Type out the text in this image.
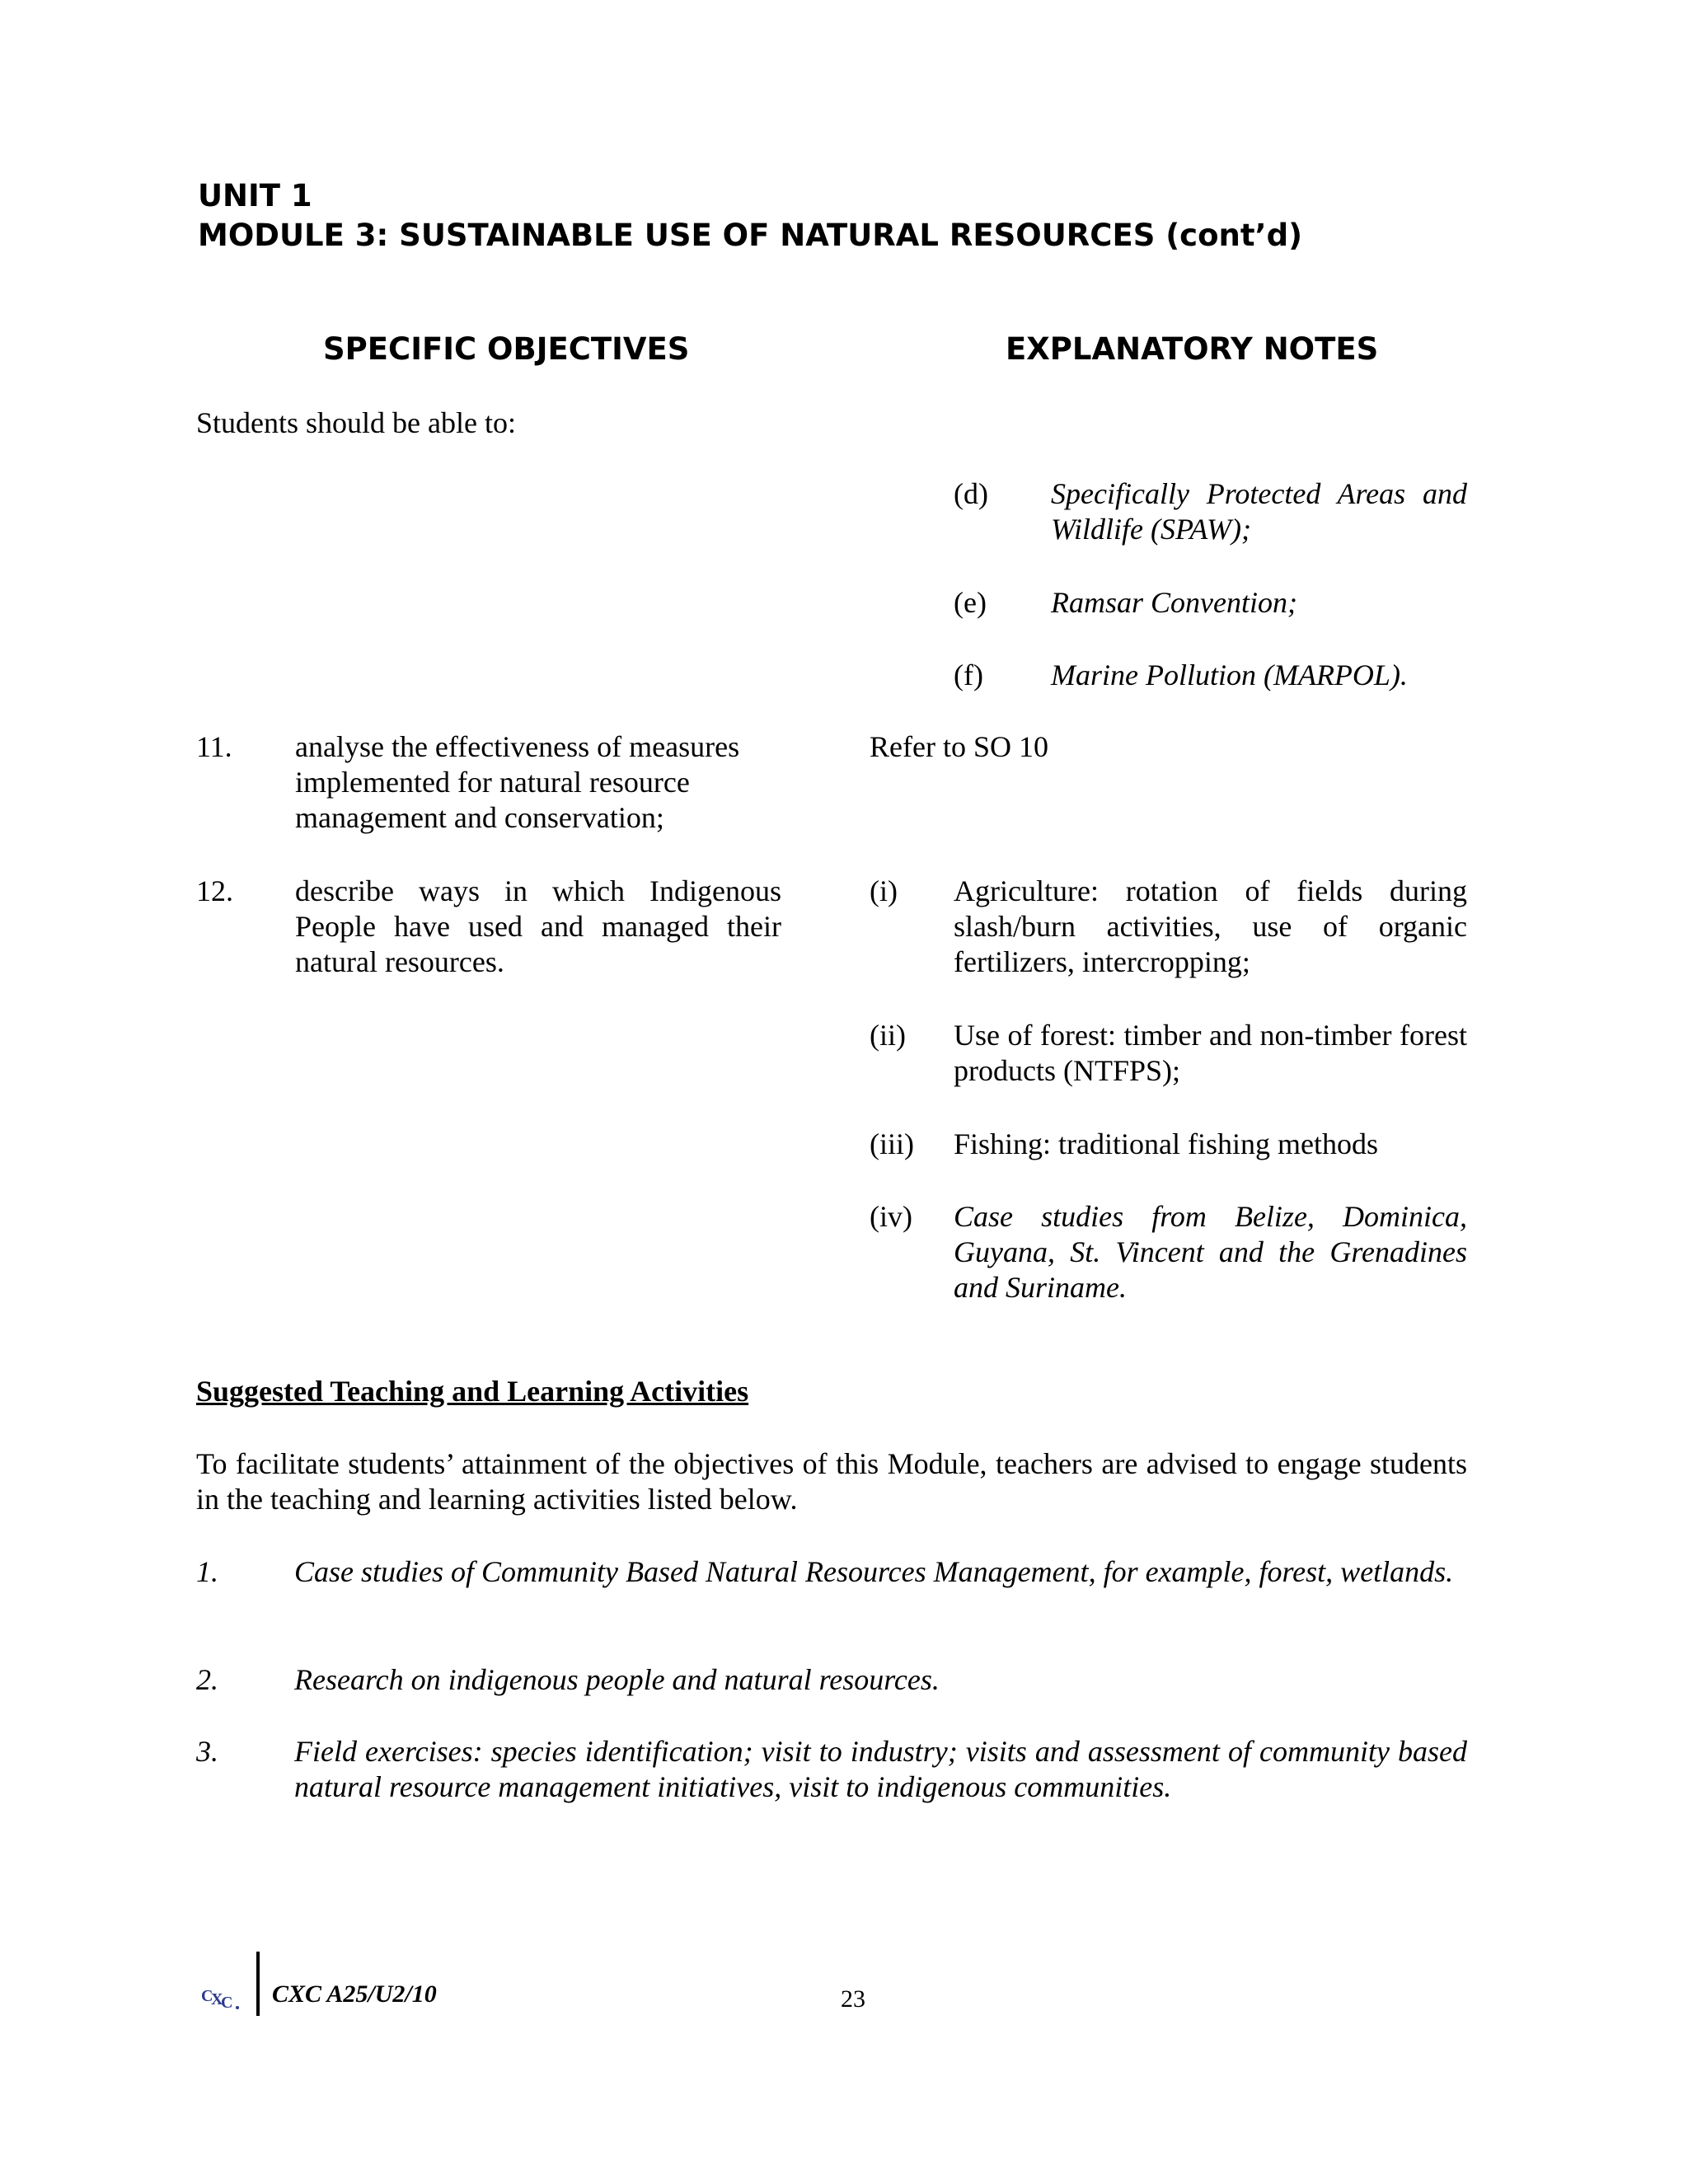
UNIT 1
MODULE 3: SUSTAINABLE USE OF NATURAL RESOURCES (cont’d)
SPECIFIC OBJECTIVES	EXPLANATORY NOTES
Students should be able to:
(d) Specifically Protected Areas and Wildlife (SPAW);
(e) Ramsar Convention;
(f) Marine Pollution (MARPOL).
11. analyse the effectiveness of measures implemented for natural resource management and conservation;
Refer to SO 10
12. describe ways in which Indigenous People have used and managed their natural resources.
(i) Agriculture: rotation of fields during slash/burn activities, use of organic fertilizers, intercropping;
(ii) Use of forest: timber and non-timber forest products (NTFPS);
(iii) Fishing: traditional fishing methods
(iv) Case studies from Belize, Dominica, Guyana, St. Vincent and the Grenadines and Suriname.
Suggested Teaching and Learning Activities
To facilitate students’ attainment of the objectives of this Module, teachers are advised to engage students in the teaching and learning activities listed below.
1.	Case studies of Community Based Natural Resources Management, for example, forest, wetlands.
2.	Research on indigenous people and natural resources.
3.	Field exercises: species identification; visit to industry; visits and assessment of community based natural resource management initiatives, visit to indigenous communities.
C
X
C CXC A25/U2/10	23
